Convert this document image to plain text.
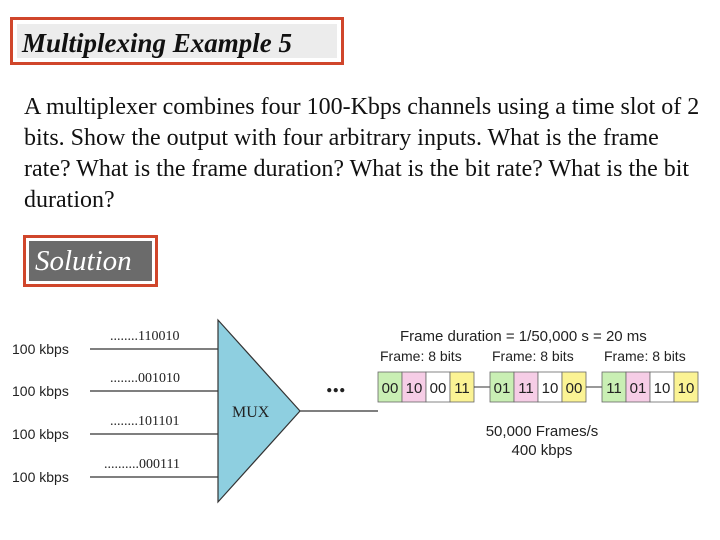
Multiplexing Example 5

A multiplexer combines four 100-Kbps channels using a time slot of 2 bits. Show the output with four arbitrary inputs. What is the frame rate? What is the frame duration? What is the bit rate? What is the bit duration?

Solution
MUX
100 kbps
........110010
100 kbps
........001010
100 kbps
........101101
100 kbps
..........000111
...
Frame duration = 1/50,000 s = 20 ms
Frame: 8 bits Frame: 8 bits Frame: 8 bits
00 10 00 11 01 11 10 00 11 01 10 10
50,000 Frames/s
400 kbps
